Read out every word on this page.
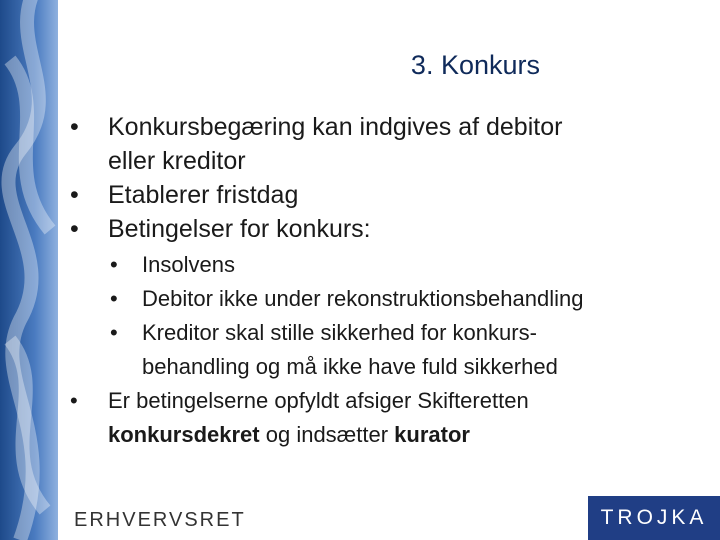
3. Konkurs
• Konkursbegæring kan indgives af debitor
eller kreditor
• Etablerer fristdag
• Betingelser for konkurs:
• Insolvens
• Debitor ikke under rekonstruktionsbehandling
• Kreditor skal stille sikkerhed for konkurs-
behandling og må ikke have fuld sikkerhed
• Er betingelserne opfyldt afsiger Skifteretten
konkursdekret og indsætter kurator
ERHVERVSRET	TROJKA
